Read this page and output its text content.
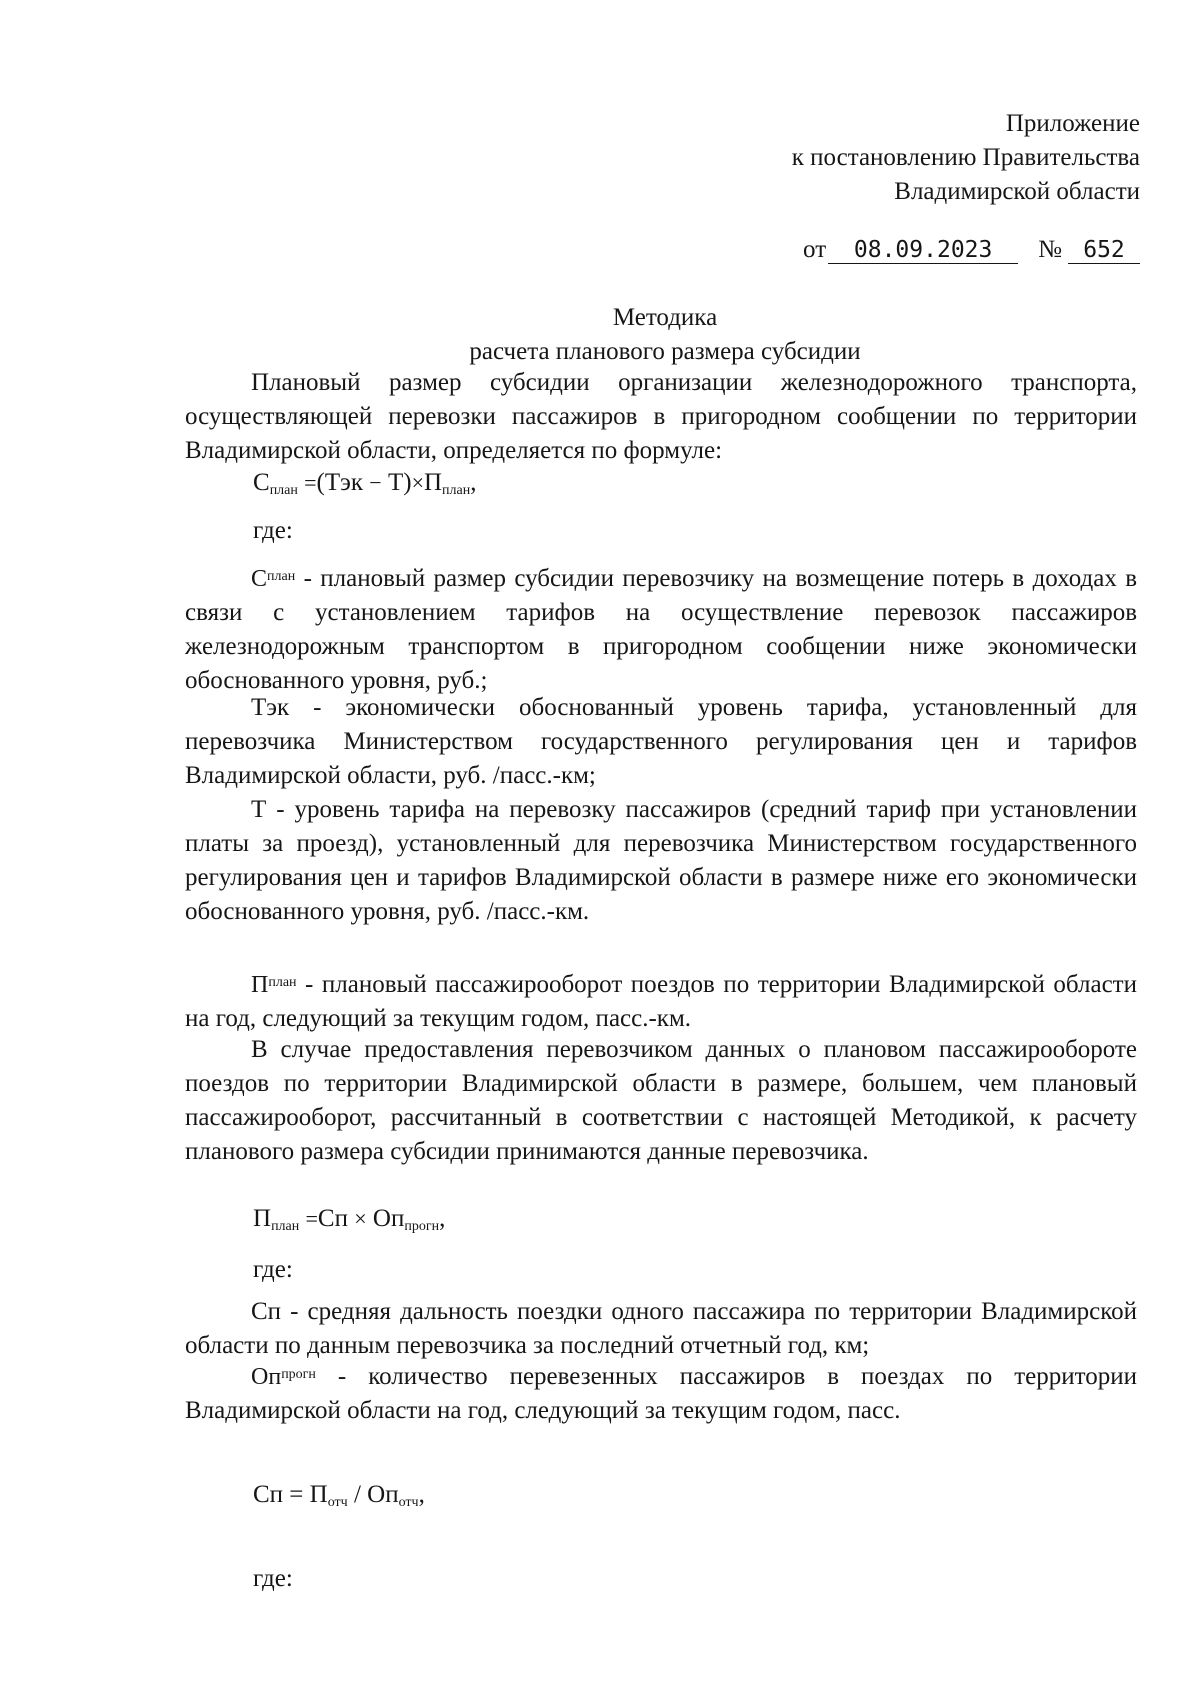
Приложение
к постановлению Правительства
Владимирской области
от	08.09.2023	№ 652
Методика
расчета планового размера субсидии
Плановый размер субсидии организации железнодорожного транспорта, осуществляющей перевозки пассажиров в пригородном сообщении по территории Владимирской области, определяется по формуле:
$С_{план} =(Тэк - Т)\times П_{план}$,
где:
$С_{план}$ - плановый размер субсидии перевозчику на возмещение потерь в доходах в связи с установлением тарифов на осуществление перевозок пассажиров железнодорожным транспортом в пригородном сообщении ниже экономически обоснованного уровня, руб.;
Тэк - экономически обоснованный уровень тарифа, установленный для перевозчика Министерством государственного регулирования цен и тарифов Владимирской области, руб. /пасс.-км;
Т - уровень тарифа на перевозку пассажиров (средний тариф при установлении платы за проезд), установленный для перевозчика Министерством государственного регулирования цен и тарифов Владимирской области в размере ниже его экономически обоснованного уровня, руб. /пасс.-км.
$П_{план}$ - плановый пассажирооборот поездов по территории Владимирской области на год, следующий за текущим годом, пасс.-км.
В случае предоставления перевозчиком данных о плановом пассажирообороте поездов по территории Владимирской области в размере, большем, чем плановый пассажирооборот, рассчитанный в соответствии с настоящей Методикой, к расчету планового размера субсидии принимаются данные перевозчика.
$П_{план} =Сп \times Оп_{прогн}$,
где:
Сп - средняя дальность поездки одного пассажира по территории Владимирской области по данным перевозчика за последний отчетный год, км;
$Оп_{прогн}$ - количество перевезенных пассажиров в поездах по территории Владимирской области на год, следующий за текущим годом, пасс.
Сп = $П_{отч} / Оп_{отч}$,
где:
